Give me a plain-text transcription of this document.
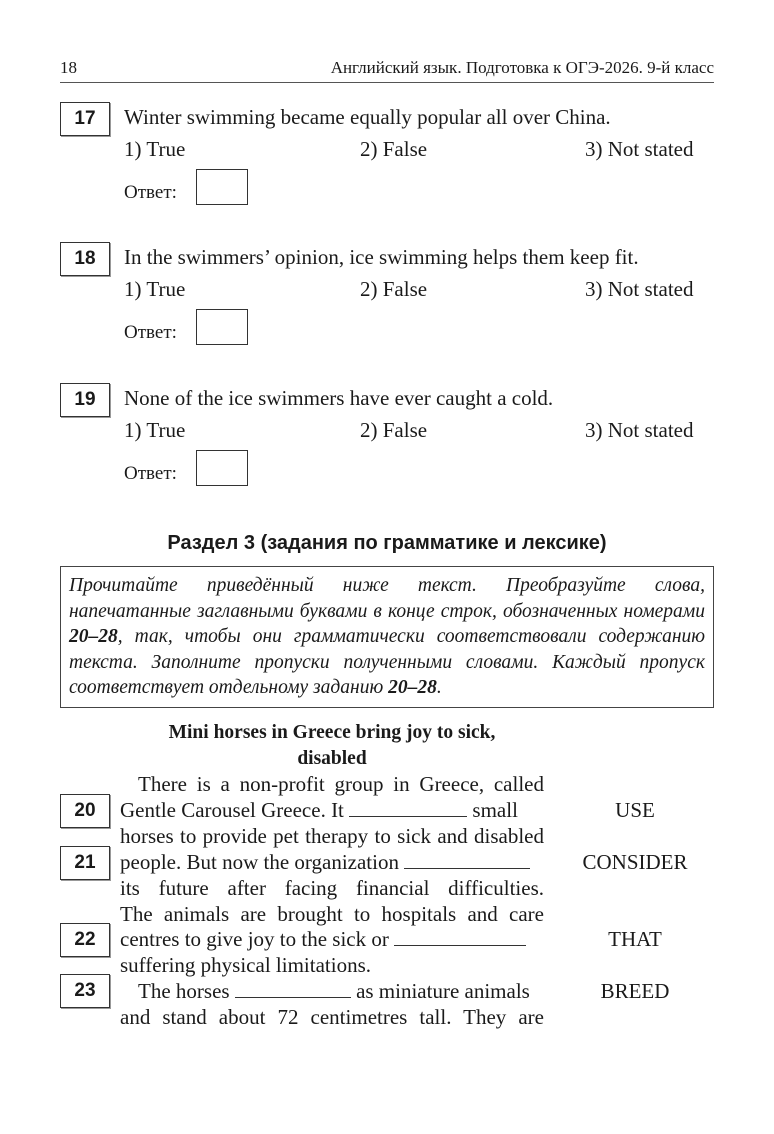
18	Английский язык. Подготовка к ОГЭ-2026. 9-й класс
17	Winter swimming became equally popular all over China.
1) True	2) False	3) Not stated
Ответ:
18	In the swimmers’ opinion, ice swimming helps them keep fit.
1) True	2) False	3) Not stated
Ответ:
19	None of the ice swimmers have ever caught a cold.
1) True	2) False	3) Not stated
Ответ:
Раздел 3 (задания по грамматике и лексике)
Прочитайте приведённый ниже текст. Преобразуйте слова, напечатанные заглавными буквами в конце строк, обозначенных номерами 20–28, так, чтобы они грамматически соответствовали содержанию текста. Заполните пропуски полученными словами. Каждый пропуск соответствует отдельному заданию 20–28.
Mini horses in Greece bring joy to sick,
disabled
There is a non-profit group in Greece, called
20	Gentle Carousel Greece. It	small	USE
horses to provide pet therapy to sick and disabled
21	people. But now the organization	CONSIDER
its future after facing financial difficulties.
The animals are brought to hospitals and care
22	centres to give joy to the sick or	THAT
suffering physical limitations.
23	The horses	as miniature animals	BREED
and stand about 72 centimetres tall. They are
